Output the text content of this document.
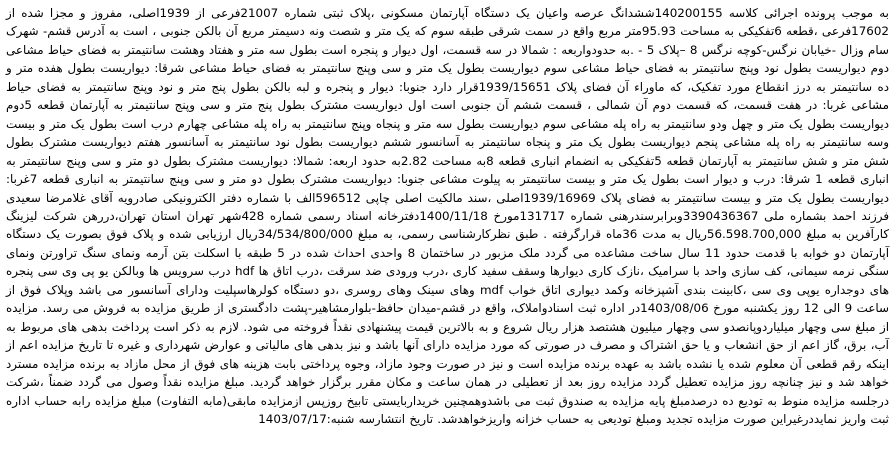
به موجب پرونده اجرائی کلاسه 140200155ششدانگ عرصه واعیان یک دستگاه آپارتمان مسکونی ،پلاک ثبتی شماره 21007فرعی از 1939اصلی، مفروز و مجزا شده از 17602فرعی ،قطعه 6تفکیکی به مساحت 95.93متر مربع واقع در سمت شرقی طبقه سوم که یک متر و شصت ونه دسیمتر مربع آن بالکن جنوبی ، است به آدرس قشم- شهرک سام وزال -خیابان نرگس-کوچه نرگس 8 –پلاک 5 - .به حدودواربعه : شمالا در سه قسمت، اول دیوار و پنجره است بطول سه متر و هفتاد وهشت سانتیمتر به فضای حیاط مشاعی دوم دیواریست بطول نود وپنج سانتیمتر به فضای حیاط مشاعی سوم دیواریست بطول یک متر و سی وپنج سانتیمتر به فضای حیاط مشاعی شرقا: دیواریست بطول هفده متر و ده سانتیمتر به درز انقطاع مورد تفکیک، که ماوراء آن فضای پلاک 1939/15651قرار دارد جنوبا: دیوار و پنجره و لبه بالکن بطول پنج متر و نود وپنج سانتیمتر به فضای حیاط مشاعی غربا: در هفت قسمت، که قسمت دوم آن شمالی ، قسمت ششم آن جنوبی است اول دیواریست مشترک بطول پنج متر و سی وپنج سانتیمتر به آپارتمان قطعه 5دوم دیواریست بطول یک متر و چهل ودو سانتیمتر به راه پله مشاعی سوم دیواریست بطول سه متر و پنجاه وپنج سانتیمتر به راه پله مشاعی چهارم درب است بطول یک متر و بیست وسه سانتیمتر به راه پله مشاعی پنجم دیواریست بطول یک متر و پنجاه سانتیمتر به آسانسور ششم دیواریست بطول نود سانتیمتر به آسانسور هفتم دیواریست مشترک بطول شش متر و شش سانتیمتر به آپارتمان قطعه 5تفکیکی به انضمام انباری قطعه 8به مساحت 2.82به حدود اربعه: شمالا: دیواریست مشترک بطول دو متر و سی وپنج سانتیمتر به انباری قطعه 1 شرقا: درب و دیوار است بطول یک متر و بیست سانتیمتر به پیلوت مشاعی جنوبا: دیواریست مشترک بطول دو متر و سی وپنج سانتیمتر به انباری قطعه 7غربا: دیواریست بطول یک متر و بیست سانتیمتر به فضای پلاک 1939/16969اصلی ،سند مالکیت اصلی چاپی 596512الف با شماره دفتر الکترونیکی صادرویه آقای غلامرضا سعیدی فرزند احمد بشماره ملی 3390436367وبرابرسندرهنی شماره 131717مورخ 1400/11/18دفترخانه اسناد رسمی شماره 428شهر تهران استان تهران،دررهن شرکت لیزینگ کارآفرین به مبلغ 56.598.700,000ریال به مدت 36ماه قرارگرفته . طبق نظرکارشناسی رسمی، به مبلغ 34/534/800/000ریال ارزیابی شده و پلاک فوق بصورت یک دستگاه آپارتمان دو خوابه با قدمت حدود 11 سال ساخت مشاعده می گردد ملک مزبور در ساختمان 8 واحدی احداث شده در 5 طبقه با اسکلت بتن آرمه ونمای سنگ تراورتن ونمای سنگی نرمه سیمانی، کف سازی واحد با سرامیک ،نازک کاری دیوارها وسقف سفید کاری ،درب ورودی ضد سرقت ،درب اتاق ها hdf درب سرویس ها وبالکن یو پی وی سی پنجره های دوجداره یوپی وی سی ،کابینت بندی آشپزخانه وکمد دیواری اتاق خواب mdf وهای سینک وهای روسری ،دو دستگاه کولرهاسپلیت ودارای آسانسور می باشد وپلاک فوق از ساعت 9 الی 12 روز یکشنبه مورخ 1403/08/06در اداره ثبت اسنادواملاک، واقع در قشم-میدان حافظ-بلوارمشاهیر-پشت دادگستری از طریق مزایده به فروش می رسد. مزایده از مبلغ سی وچهار میلیاردوپانصدو سی وچهار میلیون هشتصد هزار ریال شروع و به بالاترین قیمت پیشنهادی نقداً فروخته می شود. لازم به ذکر است پرداخت بدهی های مربوط به آب، برق، گاز اعم از حق انشعاب و یا حق اشتراک و مصرف در صورتی که مورد مزایده دارای آنها باشد و نیز بدهی های مالیاتی و عوارض شهرداری و غیره تا تاریخ مزایده اعم از اینکه رقم قطعی آن معلوم شده یا نشده باشد به عهده برنده مزایده است و نیز در صورت وجود مازاد، وجوه پرداختی بابت هزینه های فوق از محل مازاد به برنده مزایده مسترد خواهد شد و نیز چنانچه روز مزایده تعطیل گردد مزایده روز بعد از تعطیلی در همان ساعت و مکان مقرر برگزار خواهد گردید. مبلغ مزایده نقداً وصول می گردد ضمناً ،شرکت درجلسه مزایده منوط به تودیع ده درصدمبلغ پایه مزایده به صندوق ثبت می باشدوهمچنین خریداربایستی تابیخ روزپس ازمزایده مابقی(مابه التفاوت) مبلغ مزایده رابه حساب اداره ثبت واریز نمایددرغیراین صورت مزایده تجدید ومبلغ تودیعی به حساب خزانه واریزخواهدشد. تاریخ انتشارسه شنبه:1403/07/17
